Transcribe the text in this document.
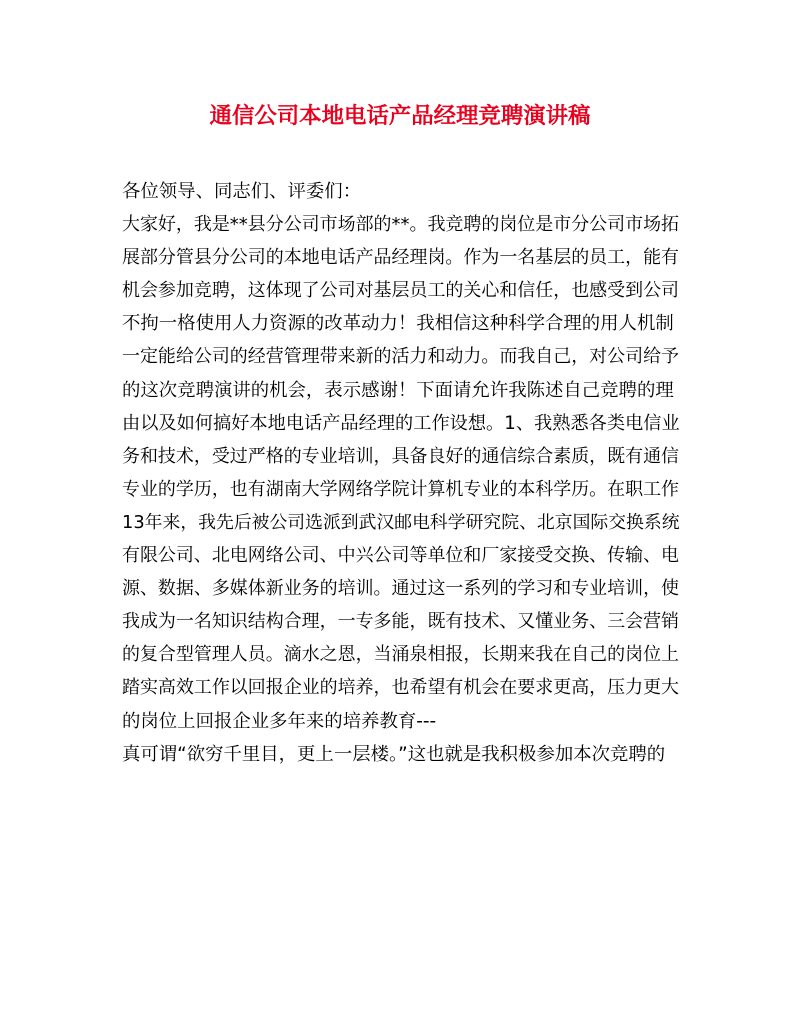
通信公司本地电话产品经理竞聘演讲稿
各位领导、同志们、评委们：
大家好，我是**县分公司市场部的**。我竞聘的岗位是市分公司市场拓
展部分管县分公司的本地电话产品经理岗。作为一名基层的员工，能有
机会参加竞聘，这体现了公司对基层员工的关心和信任，也感受到公司
不拘一格使用人力资源的改革动力！我相信这种科学合理的用人机制
一定能给公司的经营管理带来新的活力和动力。而我自己，对公司给予
的这次竞聘演讲的机会，表示感谢！下面请允许我陈述自己竞聘的理
由以及如何搞好本地电话产品经理的工作设想。1、我熟悉各类电信业
务和技术，受过严格的专业培训，具备良好的通信综合素质，既有通信
专业的学历，也有湖南大学网络学院计算机专业的本科学历。在职工作
13年来，我先后被公司选派到武汉邮电科学研究院、北京国际交换系统
有限公司、北电网络公司、中兴公司等单位和厂家接受交换、传输、电
源、数据、多媒体新业务的培训。通过这一系列的学习和专业培训，使
我成为一名知识结构合理，一专多能，既有技术、又懂业务、三会营销
的复合型管理人员。滴水之恩，当涌泉相报，长期来我在自己的岗位上
踏实高效工作以回报企业的培养，也希望有机会在要求更高，压力更大
的岗位上回报企业多年来的培养教育---
真可谓“欲穷千里目，更上一层楼。”这也就是我积极参加本次竞聘的
